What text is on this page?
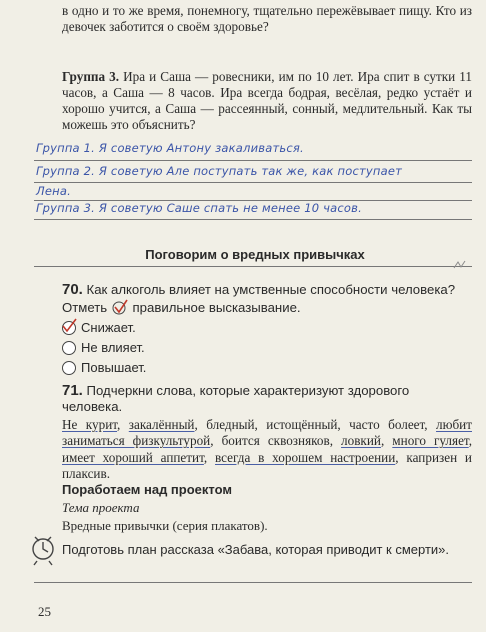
в одно и то же время, понемногу, тщательно пережёвывает пищу. Кто из девочек заботится о своём здоровье?

Группа 3. Ира и Саша — ровесники, им по 10 лет. Ира спит в сутки 11 часов, а Саша — 8 часов. Ира всегда бодрая, весёлая, редко устаёт и хорошо учится, а Саша — рассеянный, сонный, медлительный. Как ты можешь это объяснить?

Группа 1. Я советую Антону закаливаться.
Группа 2. Я советую Але поступать так же, как поступает
Лена.
Группа 3. Я советую Саше спать не менее 10 часов.
Поговорим о вредных привычках

70. Как алкоголь влияет на умственные способности человека? Отметь правильное высказывание.

Снижает.
Не влияет.
Повышает.

71. Подчеркни слова, которые характеризуют здорового человека.

Не курит, закалённый, бледный, истощённый, часто болеет, любит заниматься физкультурой, боится сквозняков, ловкий, много гуляет, имеет хороший аппетит, всегда в хорошем настроении, капризен и плаксив.

Поработаем над проектом
Тема проекта
Вредные привычки (серия плакатов).
Подготовь план рассказа «Забава, которая приводит к смерти».
25
